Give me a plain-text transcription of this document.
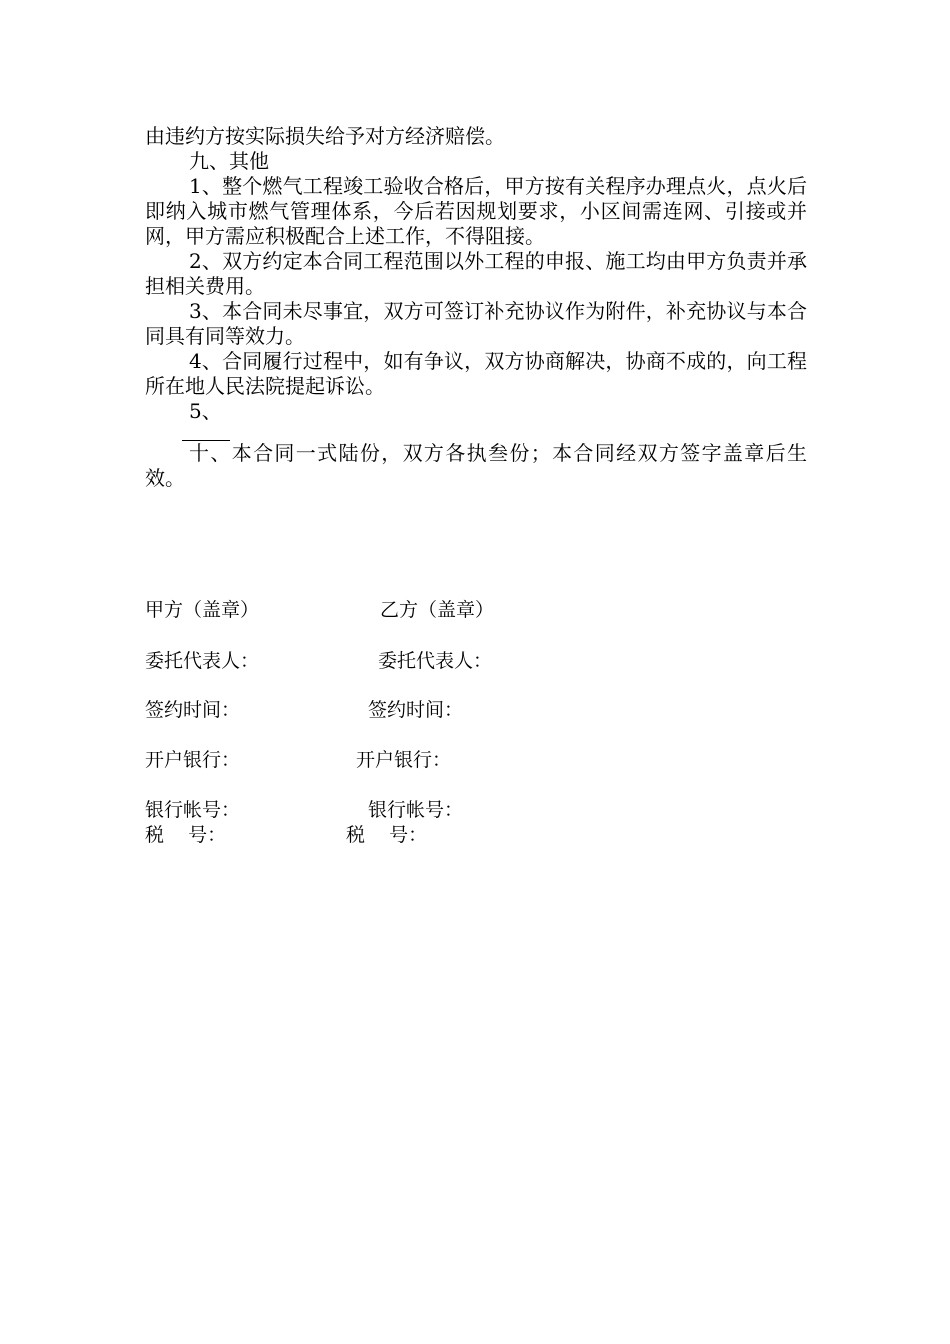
由违约方按实际损失给予对方经济赔偿。

九、其他

1、整个燃气工程竣工验收合格后，甲方按有关程序办理点火，点火后即纳入城市燃气管理体系，今后若因规划要求，小区间需连网、引接或并网，甲方需应积极配合上述工作，不得阻接。

2、双方约定本合同工程范围以外工程的申报、施工均由甲方负责并承担相关费用。

3、本合同未尽事宜，双方可签订补充协议作为附件，补充协议与本合同具有同等效力。

4、合同履行过程中，如有争议，双方协商解决，协商不成的，向工程所在地人民法院提起诉讼。

5、

十、本合同一式陆份，双方各执叁份；本合同经双方签字盖章后生效。

甲方（盖章）	乙方（盖章）
委托代表人：	委托代表人：
签约时间：	签约时间：
开户银行：	开户银行：
银行帐号：	银行帐号：
税    号：	税    号：
